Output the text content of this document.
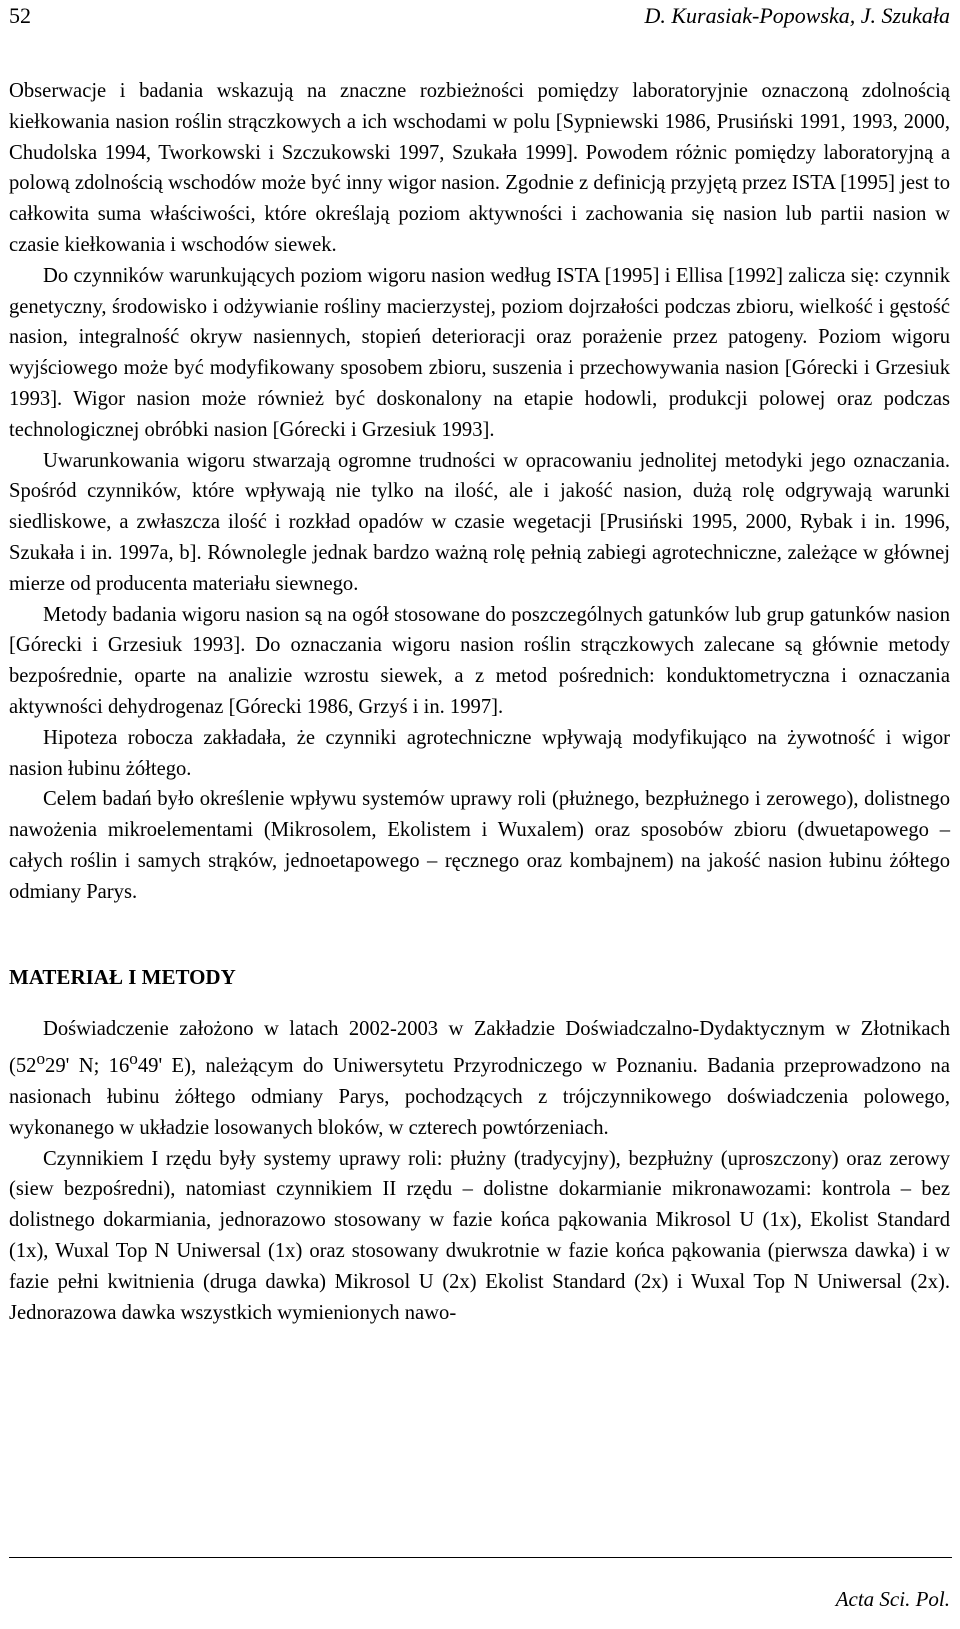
52	D. Kurasiak-Popowska, J. Szukała

Obserwacje i badania wskazują na znaczne rozbieżności pomiędzy laboratoryjnie oznaczoną zdolnością kiełkowania nasion roślin strączkowych a ich wschodami w polu [Sypniewski 1986, Prusiński 1991, 1993, 2000, Chudolska 1994, Tworkowski i Szczukowski 1997, Szukała 1999]. Powodem różnic pomiędzy laboratoryjną a polową zdolnością wschodów może być inny wigor nasion. Zgodnie z definicją przyjętą przez ISTA [1995] jest to całkowita suma właściwości, które określają poziom aktywności i zachowania się nasion lub partii nasion w czasie kiełkowania i wschodów siewek.

Do czynników warunkujących poziom wigoru nasion według ISTA [1995] i Ellisa [1992] zalicza się: czynnik genetyczny, środowisko i odżywianie rośliny macierzystej, poziom dojrzałości podczas zbioru, wielkość i gęstość nasion, integralność okryw nasiennych, stopień deterioracji oraz porażenie przez patogeny. Poziom wigoru wyjściowego może być modyfikowany sposobem zbioru, suszenia i przechowywania nasion [Górecki i Grzesiuk 1993]. Wigor nasion może również być doskonalony na etapie hodowli, produkcji polowej oraz podczas technologicznej obróbki nasion [Górecki i Grzesiuk 1993].

Uwarunkowania wigoru stwarzają ogromne trudności w opracowaniu jednolitej metodyki jego oznaczania. Spośród czynników, które wpływają nie tylko na ilość, ale i jakość nasion, dużą rolę odgrywają warunki siedliskowe, a zwłaszcza ilość i rozkład opadów w czasie wegetacji [Prusiński 1995, 2000, Rybak i in. 1996, Szukała i in. 1997a, b]. Równolegle jednak bardzo ważną rolę pełnią zabiegi agrotechniczne, zależące w głównej mierze od producenta materiału siewnego.

Metody badania wigoru nasion są na ogół stosowane do poszczególnych gatunków lub grup gatunków nasion [Górecki i Grzesiuk 1993]. Do oznaczania wigoru nasion roślin strączkowych zalecane są głównie metody bezpośrednie, oparte na analizie wzrostu siewek, a z metod pośrednich: konduktometryczna i oznaczania aktywności dehydrogenaz [Górecki 1986, Grzyś i in. 1997].

Hipoteza robocza zakładała, że czynniki agrotechniczne wpływają modyfikująco na żywotność i wigor nasion łubinu żółtego.

Celem badań było określenie wpływu systemów uprawy roli (płużnego, bezpłużnego i zerowego), dolistnego nawożenia mikroelementami (Mikrosolem, Ekolistem i Wuxalem) oraz sposobów zbioru (dwuetapowego – całych roślin i samych strąków, jednoetapowego – ręcznego oraz kombajnem) na jakość nasion łubinu żółtego odmiany Parys.

MATERIAŁ I METODY

Doświadczenie założono w latach 2002-2003 w Zakładzie Doświadczalno-Dydaktycznym w Złotnikach (52$^o$29' N; 16$^o$49' E), należącym do Uniwersytetu Przyrodniczego w Poznaniu. Badania przeprowadzono na nasionach łubinu żółtego odmiany Parys, pochodzących z trójczynnikowego doświadczenia polowego, wykonanego w układzie losowanych bloków, w czterech powtórzeniach.

Czynnikiem I rzędu były systemy uprawy roli: płużny (tradycyjny), bezpłużny (uproszczony) oraz zerowy (siew bezpośredni), natomiast czynnikiem II rzędu – dolistne dokarmianie mikronawozami: kontrola – bez dolistnego dokarmiania, jednorazowo stosowany w fazie końca pąkowania Mikrosol U (1x), Ekolist Standard (1x), Wuxal Top N Uniwersal (1x) oraz stosowany dwukrotnie w fazie końca pąkowania (pierwsza dawka) i w fazie pełni kwitnienia (druga dawka) Mikrosol U (2x) Ekolist Standard (2x) i Wuxal Top N Uniwersal (2x). Jednorazowa dawka wszystkich wymienionych nawo-

Acta Sci. Pol.
